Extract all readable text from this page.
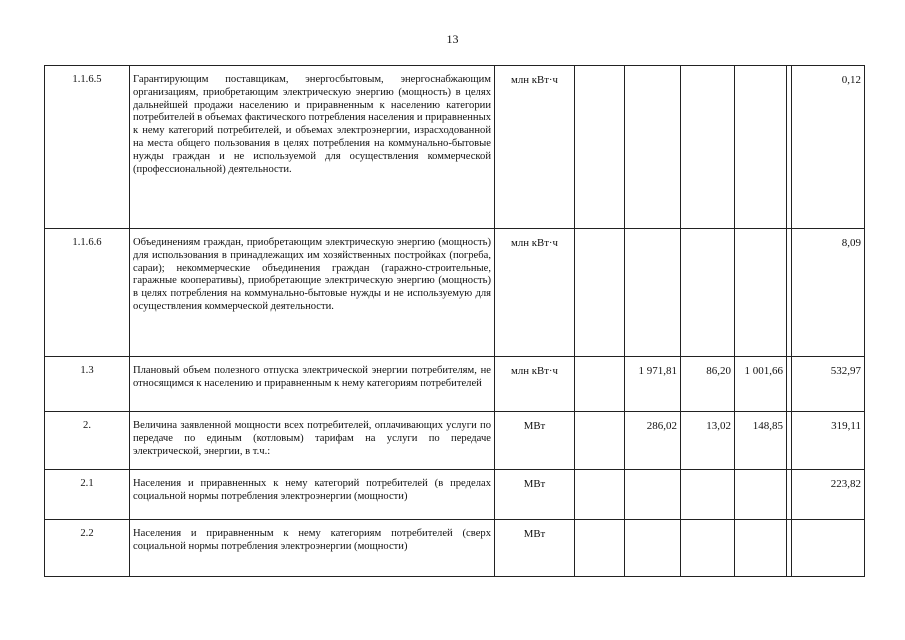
13
1.1.6.5	Гарантирующим поставщикам, энергосбытовым, энергоснабжающим организациям, приобретающим электрическую энергию (мощность) в целях дальнейшей продажи населению и приравненным к населению категории потребителей в объемах фактического потребления населения и приравненных к нему категорий потребителей, и объемах электроэнергии, израсходованной на места общего пользования в целях потребления на коммунально-бытовые нужды граждан и не используемой для осуществления коммерческой (профессиональной) деятельности.	млн кВт·ч						0,12
1.1.6.6	Объединениям граждан, приобретающим электрическую энергию (мощность) для использования в принадлежащих им хозяйственных постройках (погреба, сараи); некоммерческие объединения граждан (гаражно-строительные, гаражные кооперативы), приобретающие электрическую энергию (мощность) в целях потребления на коммунально-бытовые нужды и не используемую для осуществления коммерческой деятельности.	млн кВт·ч						8,09
1.3	Плановый объем полезного отпуска электрической энергии потребителям, не относящимся к населению и приравненным к нему категориям потребителей	млн кВт·ч		1 971,81	86,20	1 001,66		532,97
2.	Величина заявленной мощности всех потребителей, оплачивающих услуги по передаче по единым (котловым) тарифам на услуги по передаче электрической, энергии, в т.ч.:	МВт		286,02	13,02	148,85		319,11
2.1	Населения и приравненных к нему категорий потребителей (в пределах социальной нормы потребления электроэнергии (мощности)	МВт						223,82
2.2	Населения и приравненным к нему категориям потребителей (сверх социальной нормы потребления электроэнергии (мощности)	МВт						
